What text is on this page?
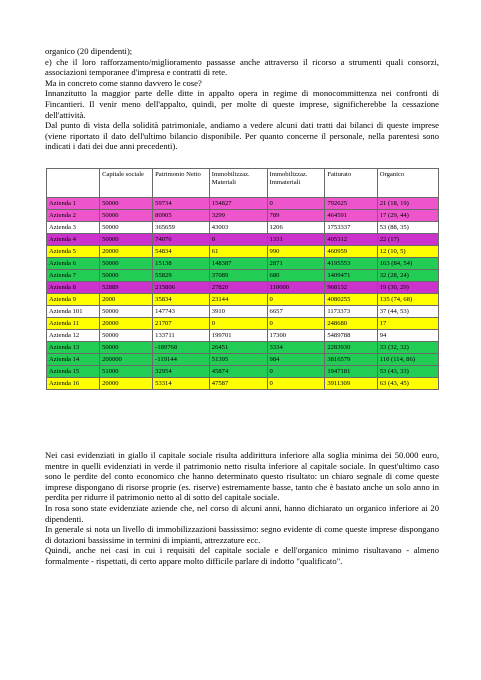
organico (20 dipendenti);

e) che il loro rafforzamento/miglioramento passasse anche attraverso il ricorso a strumenti quali consorzi, associazioni temporanee d'impresa e contratti di rete.

Ma in concreto come stanno davvero le cose?

Innanzitutto la maggior parte delle ditte in appalto opera in regime di monocommittenza nei confronti di Fincantieri. Il venir meno dell'appalto, quindi, per molte di queste imprese, significherebbe la cessazione dell'attività.

Dal punto di vista della solidità patrimoniale, andiamo a vedere alcuni dati tratti dai bilanci di queste imprese (viene riportato il dato dell'ultimo bilancio disponibile. Per quanto concerne il personale, nella parentesi sono indicati i dati dei due anni precedenti).

	Capitale sociale	Patrimonio Netto	Immobilizzaz. Materiali	Immobilizzaz. Immateriali	Fatturato	Organico
Azienda 1	50000	59734	154827	0	792625	21 (18, 19)
Azienda 2	50000	80905	3299	789	464591	17 (29, 44)
Azienda 3	50000	365659	43003	1206	1753337	53 (88, 35)
Azienda 4	50000	74076	0	1331	405312	22 (17)
Azienda 5	20000	54834	61	990	460959	12 (10, 5)
Azienda 6	50000	15138	148387	2871	4195553	163 (84, 54)
Azienda 7	50000	55829	37089	680	1409471	32 (28, 24)
Azienda 8	52889	215806	27820	110000	968132	19 (30, 29)
Azienda 9	2000	35834	23144	0	4080255	135 (74, 68)
Azienda 101	50000	147743	3910	6657	1173373	37 (44, 53)
Azienda 11	20000	21707	0	0	248680	17
Azienda 12	50000	133711	199701	17300	5489788	94
Azienda 13	50000	-189768	26451	3334	2283930	33 (32, 32)
Azienda 14	200000	-119144	51395	984	3816579	110 (114, 86)
Azienda 15	51000	32954	45874	0	1947181	53 (43, 33)
Azienda 16	20000	53314	47587	0	3911309	63 (43, 45)

Nei casi evidenziati in giallo il capitale sociale risulta addirittura inferiore alla soglia minima dei 50.000 euro, mentre in quelli evidenziati in verde il patrimonio netto risulta inferiore al capitale sociale. In quest'ultimo caso sono le perdite del conto economico che hanno determinato questo risultato: un chiaro segnale di come queste imprese dispongano di risorse proprie (es. riserve) estremamente basse, tanto che è bastato anche un solo anno in perdita per ridurre il patrimonio netto al di sotto del capitale sociale.

In rosa sono state evidenziate aziende che, nel corso di alcuni anni, hanno dichiarato un organico inferiore ai 20 dipendenti.

In generale si nota un livello di immobilizzazioni bassissimo: segno evidente di come queste imprese dispongano di dotazioni bassissime in termini di impianti, attrezzature ecc.

Quindi, anche nei casi in cui i requisiti del capitale sociale e dell'organico minimo risultavano - almeno formalmente - rispettati, di certo appare molto difficile parlare di indotto "qualificato".
